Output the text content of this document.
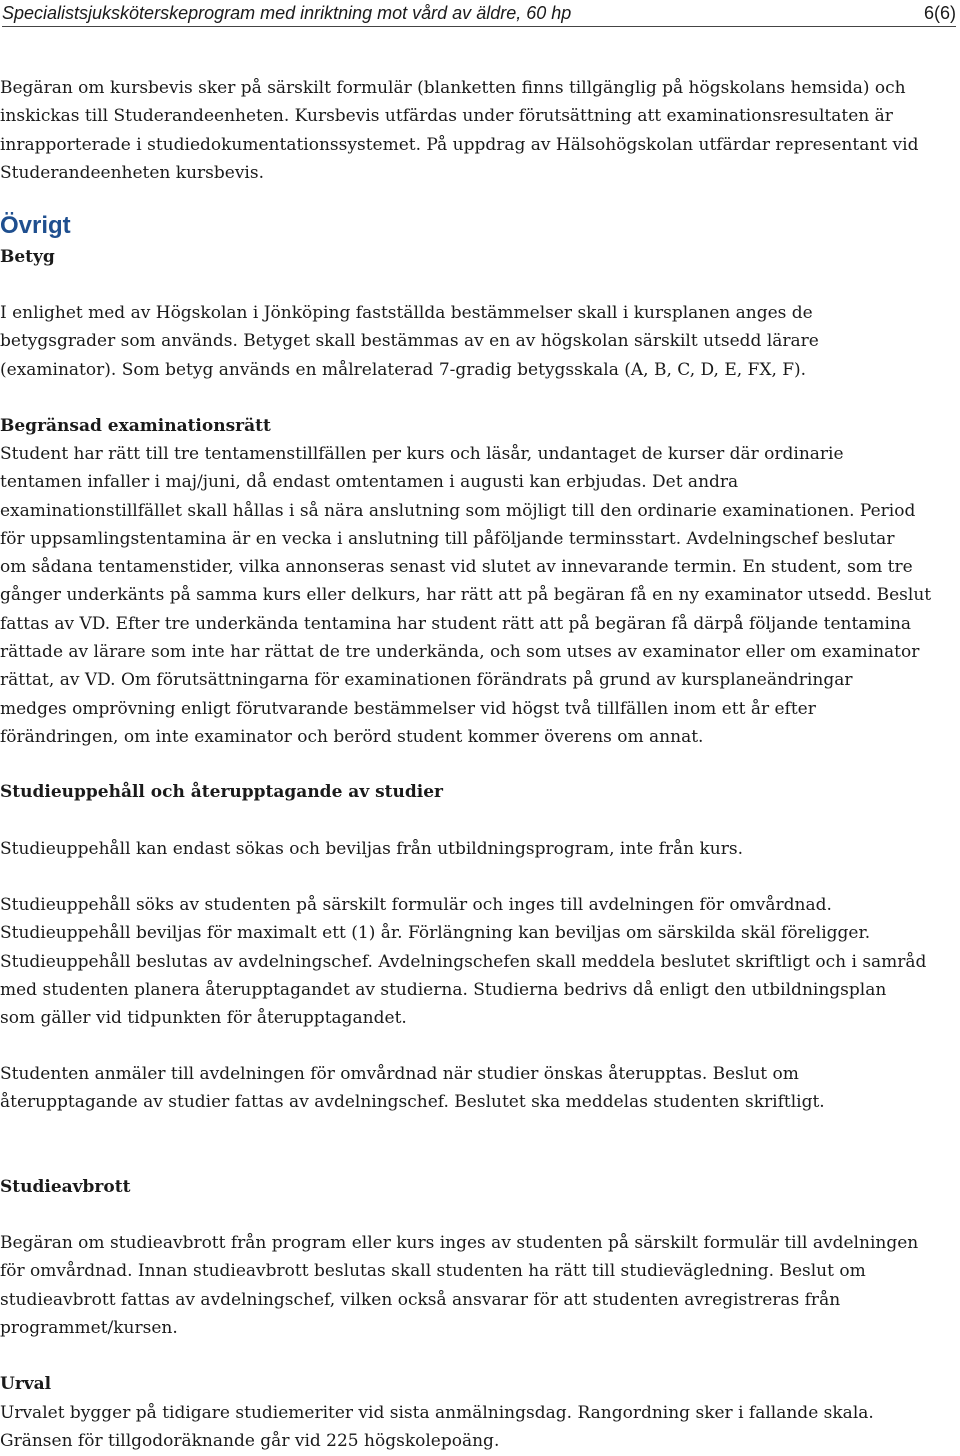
Specialistsjuksköterskeprogram med inriktning mot vård av äldre, 60 hp	6(6)
Begäran om kursbevis sker på särskilt formulär (blanketten finns tillgänglig på högskolans hemsida) och
inskickas till Studerandeenheten. Kursbevis utfärdas under förutsättning att examinationsresultaten är
inrapporterade i studiedokumentationssystemet. På uppdrag av Hälsohögskolan utfärdar representant vid
Studerandeenheten kursbevis.
Övrigt
Betyg
I enlighet med av Högskolan i Jönköping fastställda bestämmelser skall i kursplanen anges de
betygsgrader som används. Betyget skall bestämmas av en av högskolan särskilt utsedd lärare
(examinator). Som betyg används en målrelaterad 7-gradig betygsskala (A, B, C, D, E, FX, F).
Begränsad examinationsrätt
Student har rätt till tre tentamenstillfällen per kurs och läsår, undantaget de kurser där ordinarie
tentamen infaller i maj/juni, då endast omtentamen i augusti kan erbjudas. Det andra
examinationstillfället skall hållas i så nära anslutning som möjligt till den ordinarie examinationen. Period
för uppsamlingstentamina är en vecka i anslutning till påföljande terminsstart. Avdelningschef beslutar
om sådana tentamenstider, vilka annonseras senast vid slutet av innevarande termin. En student, som tre
gånger underkänts på samma kurs eller delkurs, har rätt att på begäran få en ny examinator utsedd. Beslut
fattas av VD. Efter tre underkända tentamina har student rätt att på begäran få därpå följande tentamina
rättade av lärare som inte har rättat de tre underkända, och som utses av examinator eller om examinator
rättat, av VD. Om förutsättningarna för examinationen förändrats på grund av kursplaneändringar
medges omprövning enligt förutvarande bestämmelser vid högst två tillfällen inom ett år efter
förändringen, om inte examinator och berörd student kommer överens om annat.
Studieuppehåll och återupptagande av studier
Studieuppehåll kan endast sökas och beviljas från utbildningsprogram, inte från kurs.
Studieuppehåll söks av studenten på särskilt formulär och inges till avdelningen för omvårdnad.
Studieuppehåll beviljas för maximalt ett (1) år. Förlängning kan beviljas om särskilda skäl föreligger.
Studieuppehåll beslutas av avdelningschef. Avdelningschefen skall meddela beslutet skriftligt och i samråd
med studenten planera återupptagandet av studierna. Studierna bedrivs då enligt den utbildningsplan
som gäller vid tidpunkten för återupptagandet.
Studenten anmäler till avdelningen för omvårdnad när studier önskas återupptas. Beslut om
återupptagande av studier fattas av avdelningschef. Beslutet ska meddelas studenten skriftligt.
Studieavbrott
Begäran om studieavbrott från program eller kurs inges av studenten på särskilt formulär till avdelningen
för omvårdnad. Innan studieavbrott beslutas skall studenten ha rätt till studievägledning. Beslut om
studieavbrott fattas av avdelningschef, vilken också ansvarar för att studenten avregistreras från
programmet/kursen.
Urval
Urvalet bygger på tidigare studiemeriter vid sista anmälningsdag. Rangordning sker i fallande skala.
Gränsen för tillgodoräknande går vid 225 högskolepoäng.
